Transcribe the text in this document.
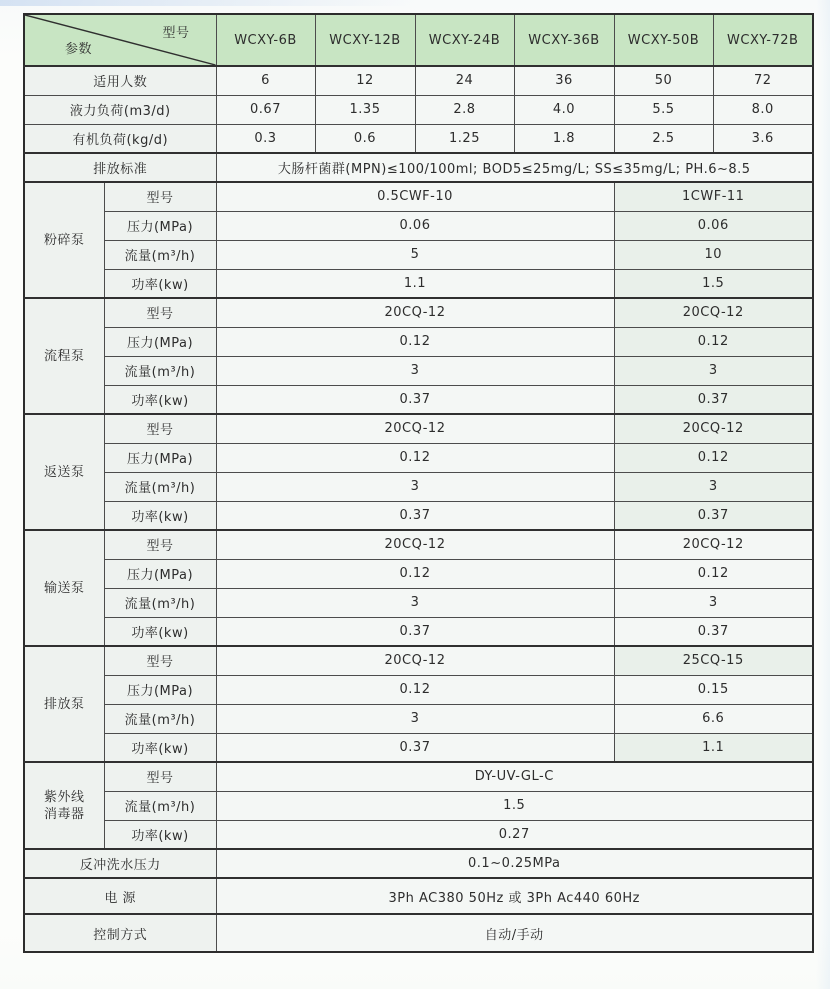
型号
参数		WCXY-6B	WCXY-12B	WCXY-24B	WCXY-36B	WCXY-50B	WCXY-72B
适用人数		6	12	24	36	50	72
液力负荷(m3/d)		0.67	1.35	2.8	4.0	5.5	8.0
有机负荷(kg/d)		0.3	0.6	1.25	1.8	2.5	3.6
排放标准		大肠杆菌群(MPN)≤100/100ml; BOD5≤25mg/L; SS≤35mg/L; PH.6~8.5					
粉碎泵	型号	0.5CWF-10				1CWF-11	
	压力(MPa)	0.06				0.06	
	流量(m³/h)	5				10	
	功率(kw)	1.1				1.5	
流程泵	型号	20CQ-12				20CQ-12	
	压力(MPa)	0.12				0.12	
	流量(m³/h)	3				3	
	功率(kw)	0.37				0.37	
返送泵	型号	20CQ-12				20CQ-12	
	压力(MPa)	0.12				0.12	
	流量(m³/h)	3				3	
	功率(kw)	0.37				0.37	
输送泵	型号	20CQ-12				20CQ-12	
	压力(MPa)	0.12				0.12	
	流量(m³/h)	3				3	
	功率(kw)	0.37				0.37	
排放泵	型号	20CQ-12				25CQ-15	
	压力(MPa)	0.12				0.15	
	流量(m³/h)	3				6.6	
	功率(kw)	0.37				1.1	
紫外线
消毒器	型号	DY-UV-GL-C					
	流量(m³/h)	1.5					
	功率(kw)	0.27					
反冲洗水压力		0.1~0.25MPa					
电 源		3Ph AC380 50Hz 或 3Ph Ac440 60Hz					
控制方式		自动/手动					
